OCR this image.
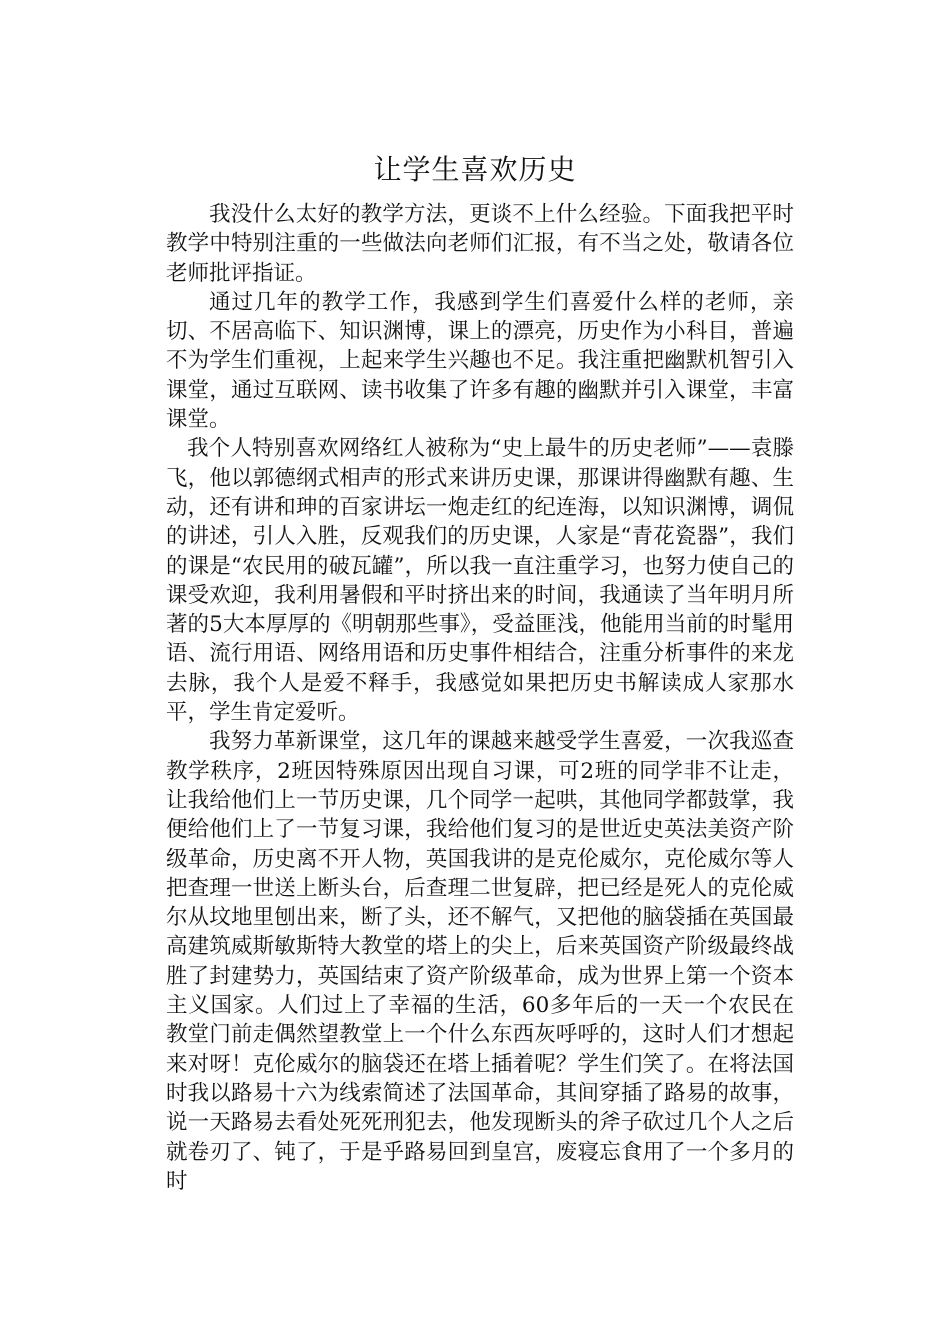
让学生喜欢历史

我没什么太好的教学方法，更谈不上什么经验。下面我把平时教学中特别注重的一些做法向老师们汇报，有不当之处，敬请各位老师批评指证。

通过几年的教学工作，我感到学生们喜爱什么样的老师，亲切、不居高临下、知识渊博，课上的漂亮，历史作为小科目，普遍不为学生们重视，上起来学生兴趣也不足。我注重把幽默机智引入课堂，通过互联网、读书收集了许多有趣的幽默并引入课堂，丰富课堂。

我个人特别喜欢网络红人被称为“史上最牛的历史老师”——袁滕飞，他以郭德纲式相声的形式来讲历史课，那课讲得幽默有趣、生动，还有讲和珅的百家讲坛一炮走红的纪连海，以知识渊博，调侃的讲述，引人入胜，反观我们的历史课，人家是“青花瓷器”，我们的课是“农民用的破瓦罐”，所以我一直注重学习，也努力使自己的课受欢迎，我利用暑假和平时挤出来的时间，我通读了当年明月所著的5大本厚厚的《明朝那些事》，受益匪浅，他能用当前的时髦用语、流行用语、网络用语和历史事件相结合，注重分析事件的来龙去脉，我个人是爱不释手，我感觉如果把历史书解读成人家那水平，学生肯定爱听。

我努力革新课堂，这几年的课越来越受学生喜爱，一次我巡查教学秩序，2班因特殊原因出现自习课，可2班的同学非不让走，让我给他们上一节历史课，几个同学一起哄，其他同学都鼓掌，我便给他们上了一节复习课，我给他们复习的是世近史英法美资产阶级革命，历史离不开人物，英国我讲的是克伦威尔，克伦威尔等人把查理一世送上断头台，后查理二世复辟，把已经是死人的克伦威尔从坟地里刨出来，断了头，还不解气，又把他的脑袋插在英国最高建筑威斯敏斯特大教堂的塔上的尖上，后来英国资产阶级最终战胜了封建势力，英国结束了资产阶级革命，成为世界上第一个资本主义国家。人们过上了幸福的生活，60多年后的一天一个农民在教堂门前走偶然望教堂上一个什么东西灰呼呼的，这时人们才想起来对呀！克伦威尔的脑袋还在塔上插着呢？学生们笑了。在将法国时我以路易十六为线索简述了法国革命，其间穿插了路易的故事，说一天路易去看处死死刑犯去，他发现断头的斧子砍过几个人之后就卷刃了、钝了，于是乎路易回到皇宫，废寝忘食用了一个多月的时
